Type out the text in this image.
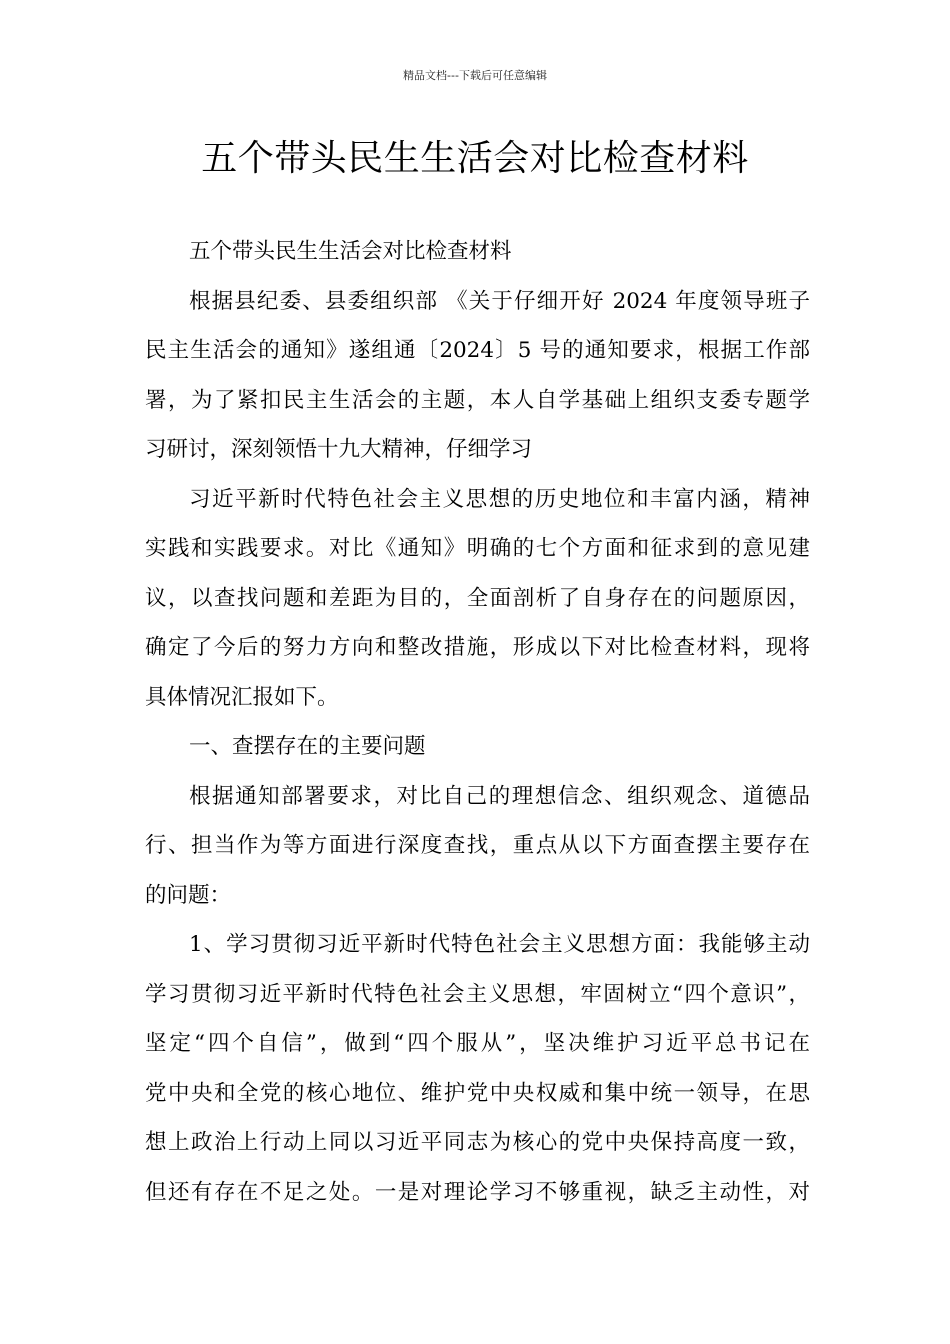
精品文档---下载后可任意编辑
五个带头民生生活会对比检查材料
五个带头民生生活会对比检查材料
根据县纪委、县委组织部 《关于仔细开好 2024 年度领导班子
民主生活会的通知》遂组通〔2024〕5 号的通知要求，根据工作部
署，为了紧扣民主生活会的主题，本人自学基础上组织支委专题学
习研讨，深刻领悟十九大精神，仔细学习
习近平新时代特色社会主义思想的历史地位和丰富内涵，精神
实践和实践要求。对比《通知》明确的七个方面和征求到的意见建
议，以查找问题和差距为目的，全面剖析了自身存在的问题原因，
确定了今后的努力方向和整改措施，形成以下对比检查材料，现将
具体情况汇报如下。
一、查摆存在的主要问题
根据通知部署要求，对比自己的理想信念、组织观念、道德品
行、担当作为等方面进行深度查找，重点从以下方面查摆主要存在
的问题：
1、学习贯彻习近平新时代特色社会主义思想方面：我能够主动
学习贯彻习近平新时代特色社会主义思想，牢固树立“四个意识”，
坚定“四个自信”，做到“四个服从”，坚决维护习近平总书记在
党中央和全党的核心地位、维护党中央权威和集中统一领导，在思
想上政治上行动上同以习近平同志为核心的党中央保持高度一致，
但还有存在不足之处。一是对理论学习不够重视，缺乏主动性，对
